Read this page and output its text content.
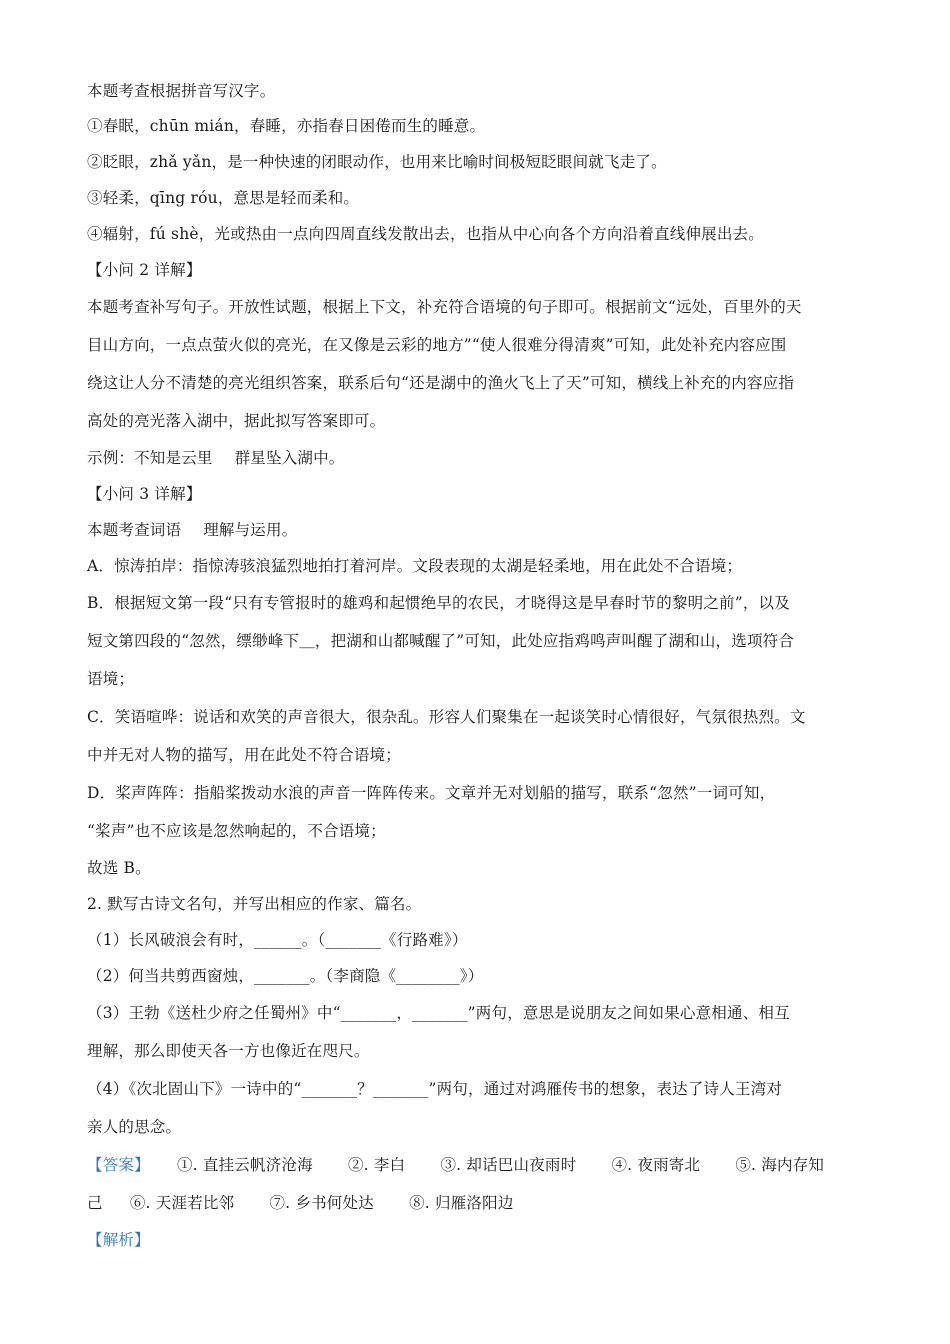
本题考查根据拼音写汉字。
①春眠，chūn mián，春睡，亦指春日困倦而生的睡意。
②眨眼，zhǎ yǎn，是一种快速的闭眼动作，也用来比喻时间极短眨眼间就飞走了。
③轻柔，qīng róu，意思是轻而柔和。
④辐射，fú shè，光或热由一点向四周直线发散出去，也指从中心向各个方向沿着直线伸展出去。
【小问 2 详解】
本题考查补写句子。开放性试题，根据上下文，补充符合语境的句子即可。根据前文“远处，百里外的天
目山方向，一点点萤火似的亮光，在又像是云彩的地方”“使人很难分得清爽”可知，此处补充内容应围
绕这让人分不清楚的亮光组织答案，联系后句“还是湖中的渔火飞上了天”可知，横线上补充的内容应指
高处的亮光落入湖中，据此拟写答案即可。
示例：不知是云里 群星坠入湖中。
【小问 3 详解】
本题考查词语 理解与运用。
A．惊涛拍岸：指惊涛骇浪猛烈地拍打着河岸。文段表现的太湖是轻柔地，用在此处不合语境；
B．根据短文第一段“只有专管报时的雄鸡和起惯绝早的农民，才晓得这是早春时节的黎明之前”，以及
短文第四段的“忽然，缥缈峰下＿，把湖和山都喊醒了”可知，此处应指鸡鸣声叫醒了湖和山，选项符合
语境；
C．笑语喧哗：说话和欢笑的声音很大，很杂乱。形容人们聚集在一起谈笑时心情很好，气氛很热烈。文
中并无对人物的描写，用在此处不符合语境；
D．桨声阵阵：指船桨拨动水浪的声音一阵阵传来。文章并无对划船的描写，联系“忽然”一词可知，
“桨声”也不应该是忽然响起的，不合语境；
故选 B。
2. 默写古诗文名句，并写出相应的作家、篇名。
（1）长风破浪会有时，______。（_______《行路难》）
（2）何当共剪西窗烛，_______。（李商隐《________》）
（3）王勃《送杜少府之任蜀州》中“_______，_______”两句，意思是说朋友之间如果心意相通、相互
理解，那么即使天各一方也像近在咫尺。
（4）《次北固山下》一诗中的“_______？_______”两句，通过对鸿雁传书的想象，表达了诗人王湾对
亲人的思念。
【答案】 ①. 直挂云帆济沧海 ②. 李白 ③. 却话巴山夜雨时 ④. 夜雨寄北 ⑤. 海内存知
己 ⑥. 天涯若比邻 ⑦. 乡书何处达 ⑧. 归雁洛阳边
【解析】
